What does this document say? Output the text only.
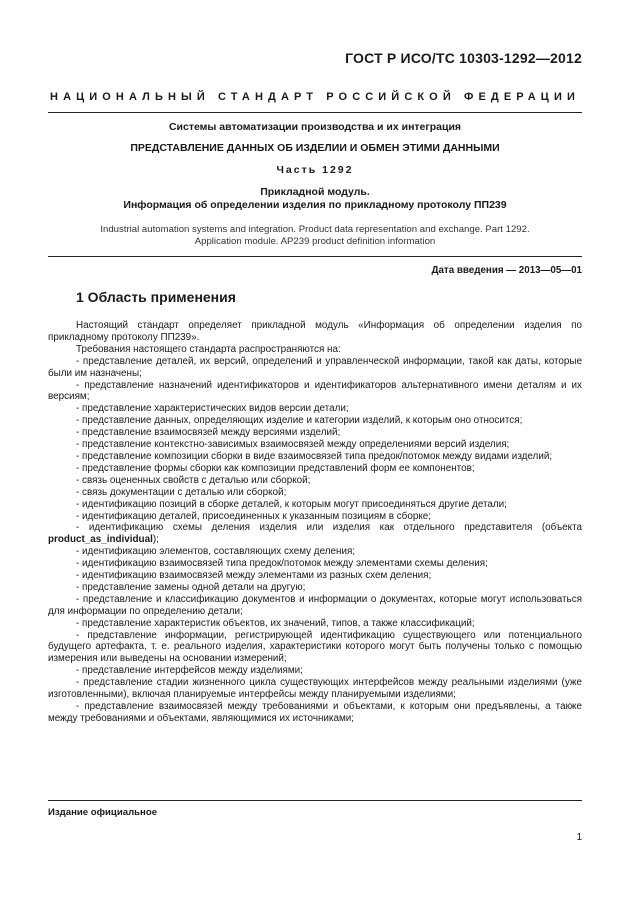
ГОСТ Р ИСО/ТС 10303-1292—2012
НАЦИОНАЛЬНЫЙ СТАНДАРТ РОССИЙСКОЙ ФЕДЕРАЦИИ
Системы автоматизации производства и их интеграция
ПРЕДСТАВЛЕНИЕ ДАННЫХ ОБ ИЗДЕЛИИ И ОБМЕН ЭТИМИ ДАННЫМИ
Часть 1292
Прикладной модуль.
Информация об определении изделия по прикладному протоколу ПП239
Industrial automation systems and integration. Product data representation and exchange. Part 1292.
Application module. AP239 product definition information
Дата введения — 2013—05—01
1 Область применения

Настоящий стандарт определяет прикладной модуль «Информация об определении изделия по прикладному протоколу ПП239».

Требования настоящего стандарта распространяются на:

- представление деталей, их версий, определений и управленческой информации, такой как даты, которые были им назначены;

- представление назначений идентификаторов и идентификаторов альтернативного имени деталям и их версиям;

- представление характеристических видов версии детали;

- представление данных, определяющих изделие и категории изделий, к которым оно относится;

- представление взаимосвязей между версиями изделий;

- представление контекстно-зависимых взаимосвязей между определениями версий изделия;

- представление композиции сборки в виде взаимосвязей типа предок/потомок между видами изделий;

- представление формы сборки как композиции представлений форм ее компонентов;

- связь оцененных свойств с деталью или сборкой;

- связь документации с деталью или сборкой;

- идентификацию позиций в сборке деталей, к которым могут присоединяться другие детали;

- идентификацию деталей, присоединенных к указанным позициям в сборке;

- идентификацию схемы деления изделия или изделия как отдельного представителя (объекта product_as_individual);

- идентификацию элементов, составляющих схему деления;

- идентификацию взаимосвязей типа предок/потомок между элементами схемы деления;

- идентификацию взаимосвязей между элементами из разных схем деления;

- представление замены одной детали на другую;

- представление и классификацию документов и информации о документах, которые могут использоваться для информации по определению детали;

- представление характеристик объектов, их значений, типов, а также классификаций;

- представление информации, регистрирующей идентификацию существующего или потенциального будущего артефакта, т. е. реального изделия, характеристики которого могут быть получены только с помощью измерения или выведены на основании измерений;

- представление интерфейсов между изделиями;

- представление стадии жизненного цикла существующих интерфейсов между реальными изделиями (уже изготовленными), включая планируемые интерфейсы между планируемыми изделиями;

- представление взаимосвязей между требованиями и объектами, к которым они предъявлены, а также между требованиями и объектами, являющимися их источниками;

Издание официальное
1
